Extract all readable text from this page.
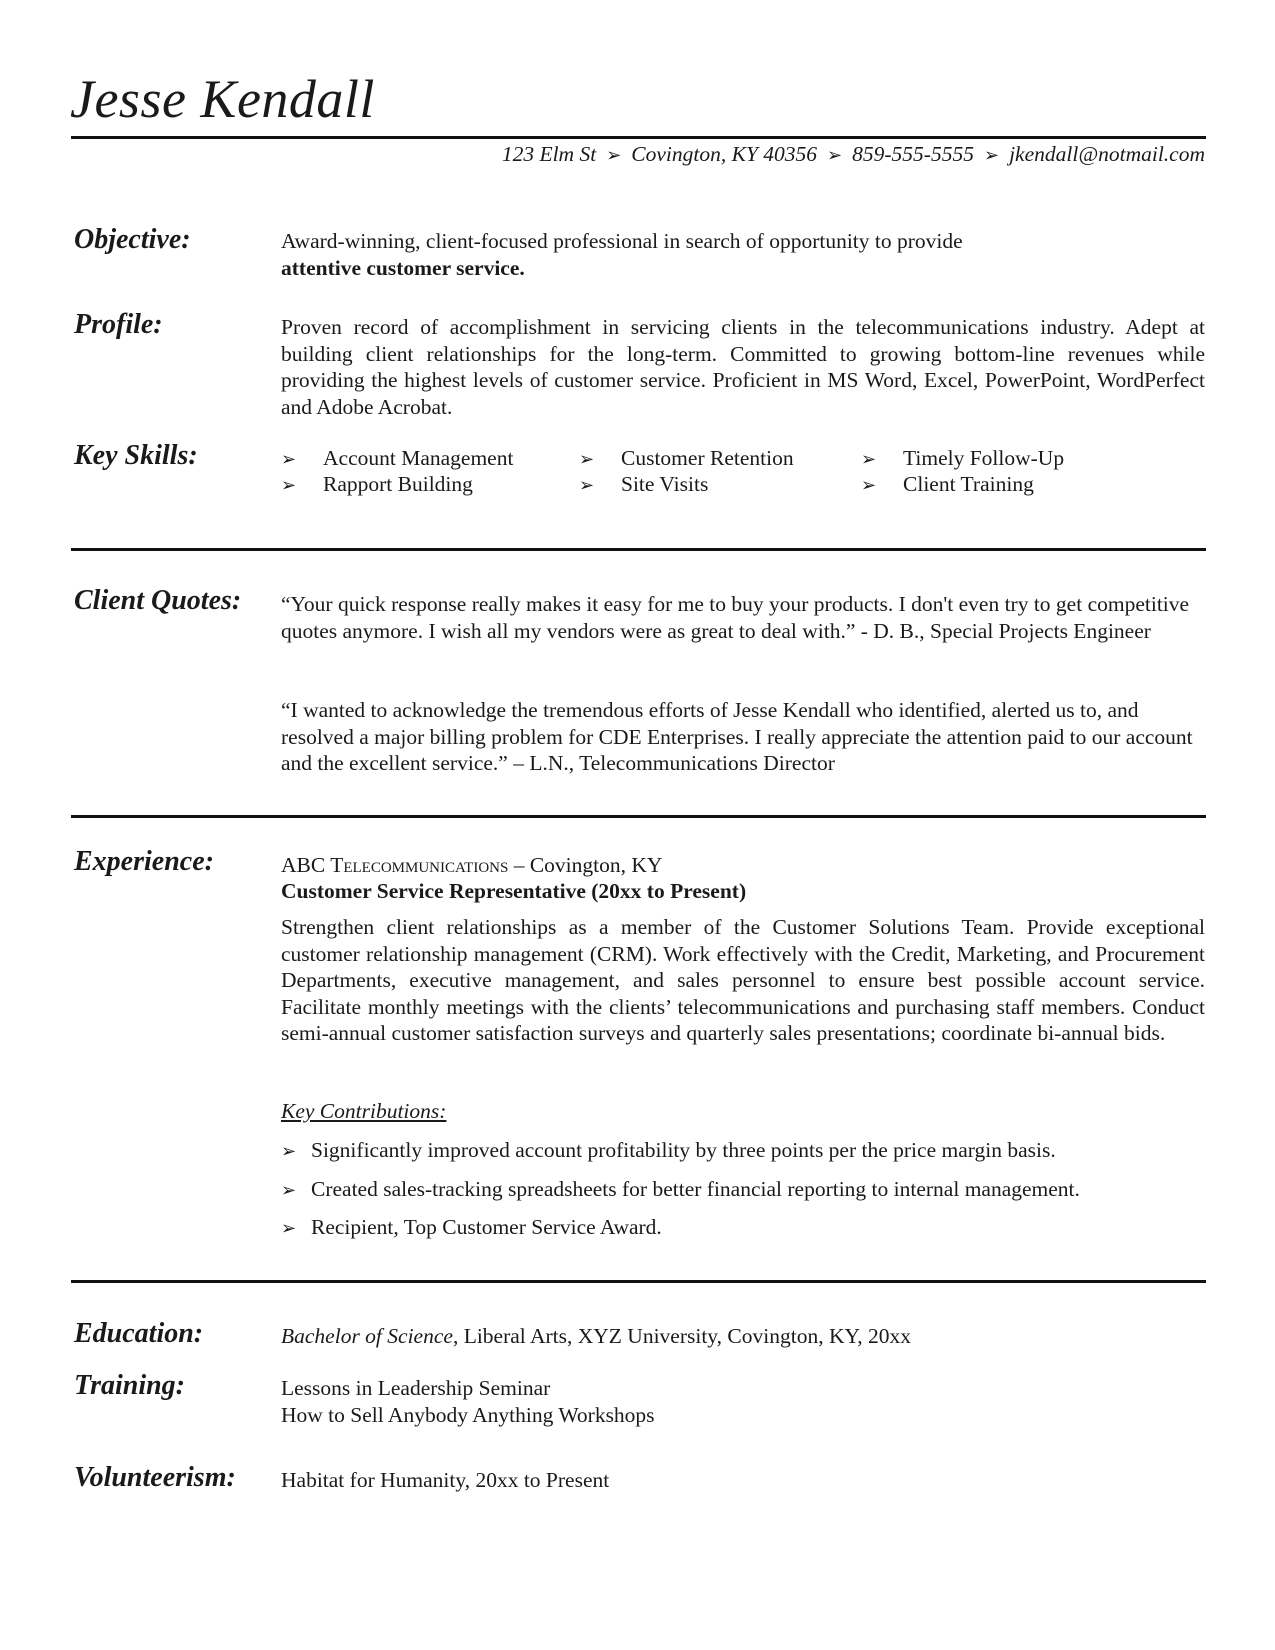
Jesse Kendall
123 Elm St ➢ Covington, KY 40356 ➢ 859-555-5555 ➢ jkendall@notmail.com
Objective:	Award-winning, client-focused professional in search of opportunity to provide
attentive customer service.
Profile:	Proven record of accomplishment in servicing clients in the telecommunications industry. Adept at building client relationships for the long-term. Committed to growing bottom-line revenues while providing the highest levels of customer service. Proficient in MS Word, Excel, PowerPoint, WordPerfect and Adobe Acrobat.
Key Skills:	➢ Account Management	➢ Customer Retention	➢ Timely Follow-Up
➢ Rapport Building	➢ Site Visits	➢ Client Training
Client Quotes: “Your quick response really makes it easy for me to buy your products. I don't even try to get competitive quotes anymore. I wish all my vendors were as great to deal with.” - D. B., Special Projects Engineer
“I wanted to acknowledge the tremendous efforts of Jesse Kendall who identified, alerted us to, and resolved a major billing problem for CDE Enterprises. I really appreciate the attention paid to our account and the excellent service.” – L.N., Telecommunications Director
Experience:	ABC Telecommunications – Covington, KY
Customer Service Representative (20xx to Present)
Strengthen client relationships as a member of the Customer Solutions Team. Provide exceptional customer relationship management (CRM). Work effectively with the Credit, Marketing, and Procurement Departments, executive management, and sales personnel to ensure best possible account service. Facilitate monthly meetings with the clients’ telecommunications and purchasing staff members. Conduct semi-annual customer satisfaction surveys and quarterly sales presentations; coordinate bi-annual bids.
Key Contributions:
➢ Significantly improved account profitability by three points per the price margin basis.
➢ Created sales-tracking spreadsheets for better financial reporting to internal management.
➢ Recipient, Top Customer Service Award.
Education:	Bachelor of Science, Liberal Arts, XYZ University, Covington, KY, 20xx
Training:	Lessons in Leadership Seminar
How to Sell Anybody Anything Workshops
Volunteerism: Habitat for Humanity, 20xx to Present
